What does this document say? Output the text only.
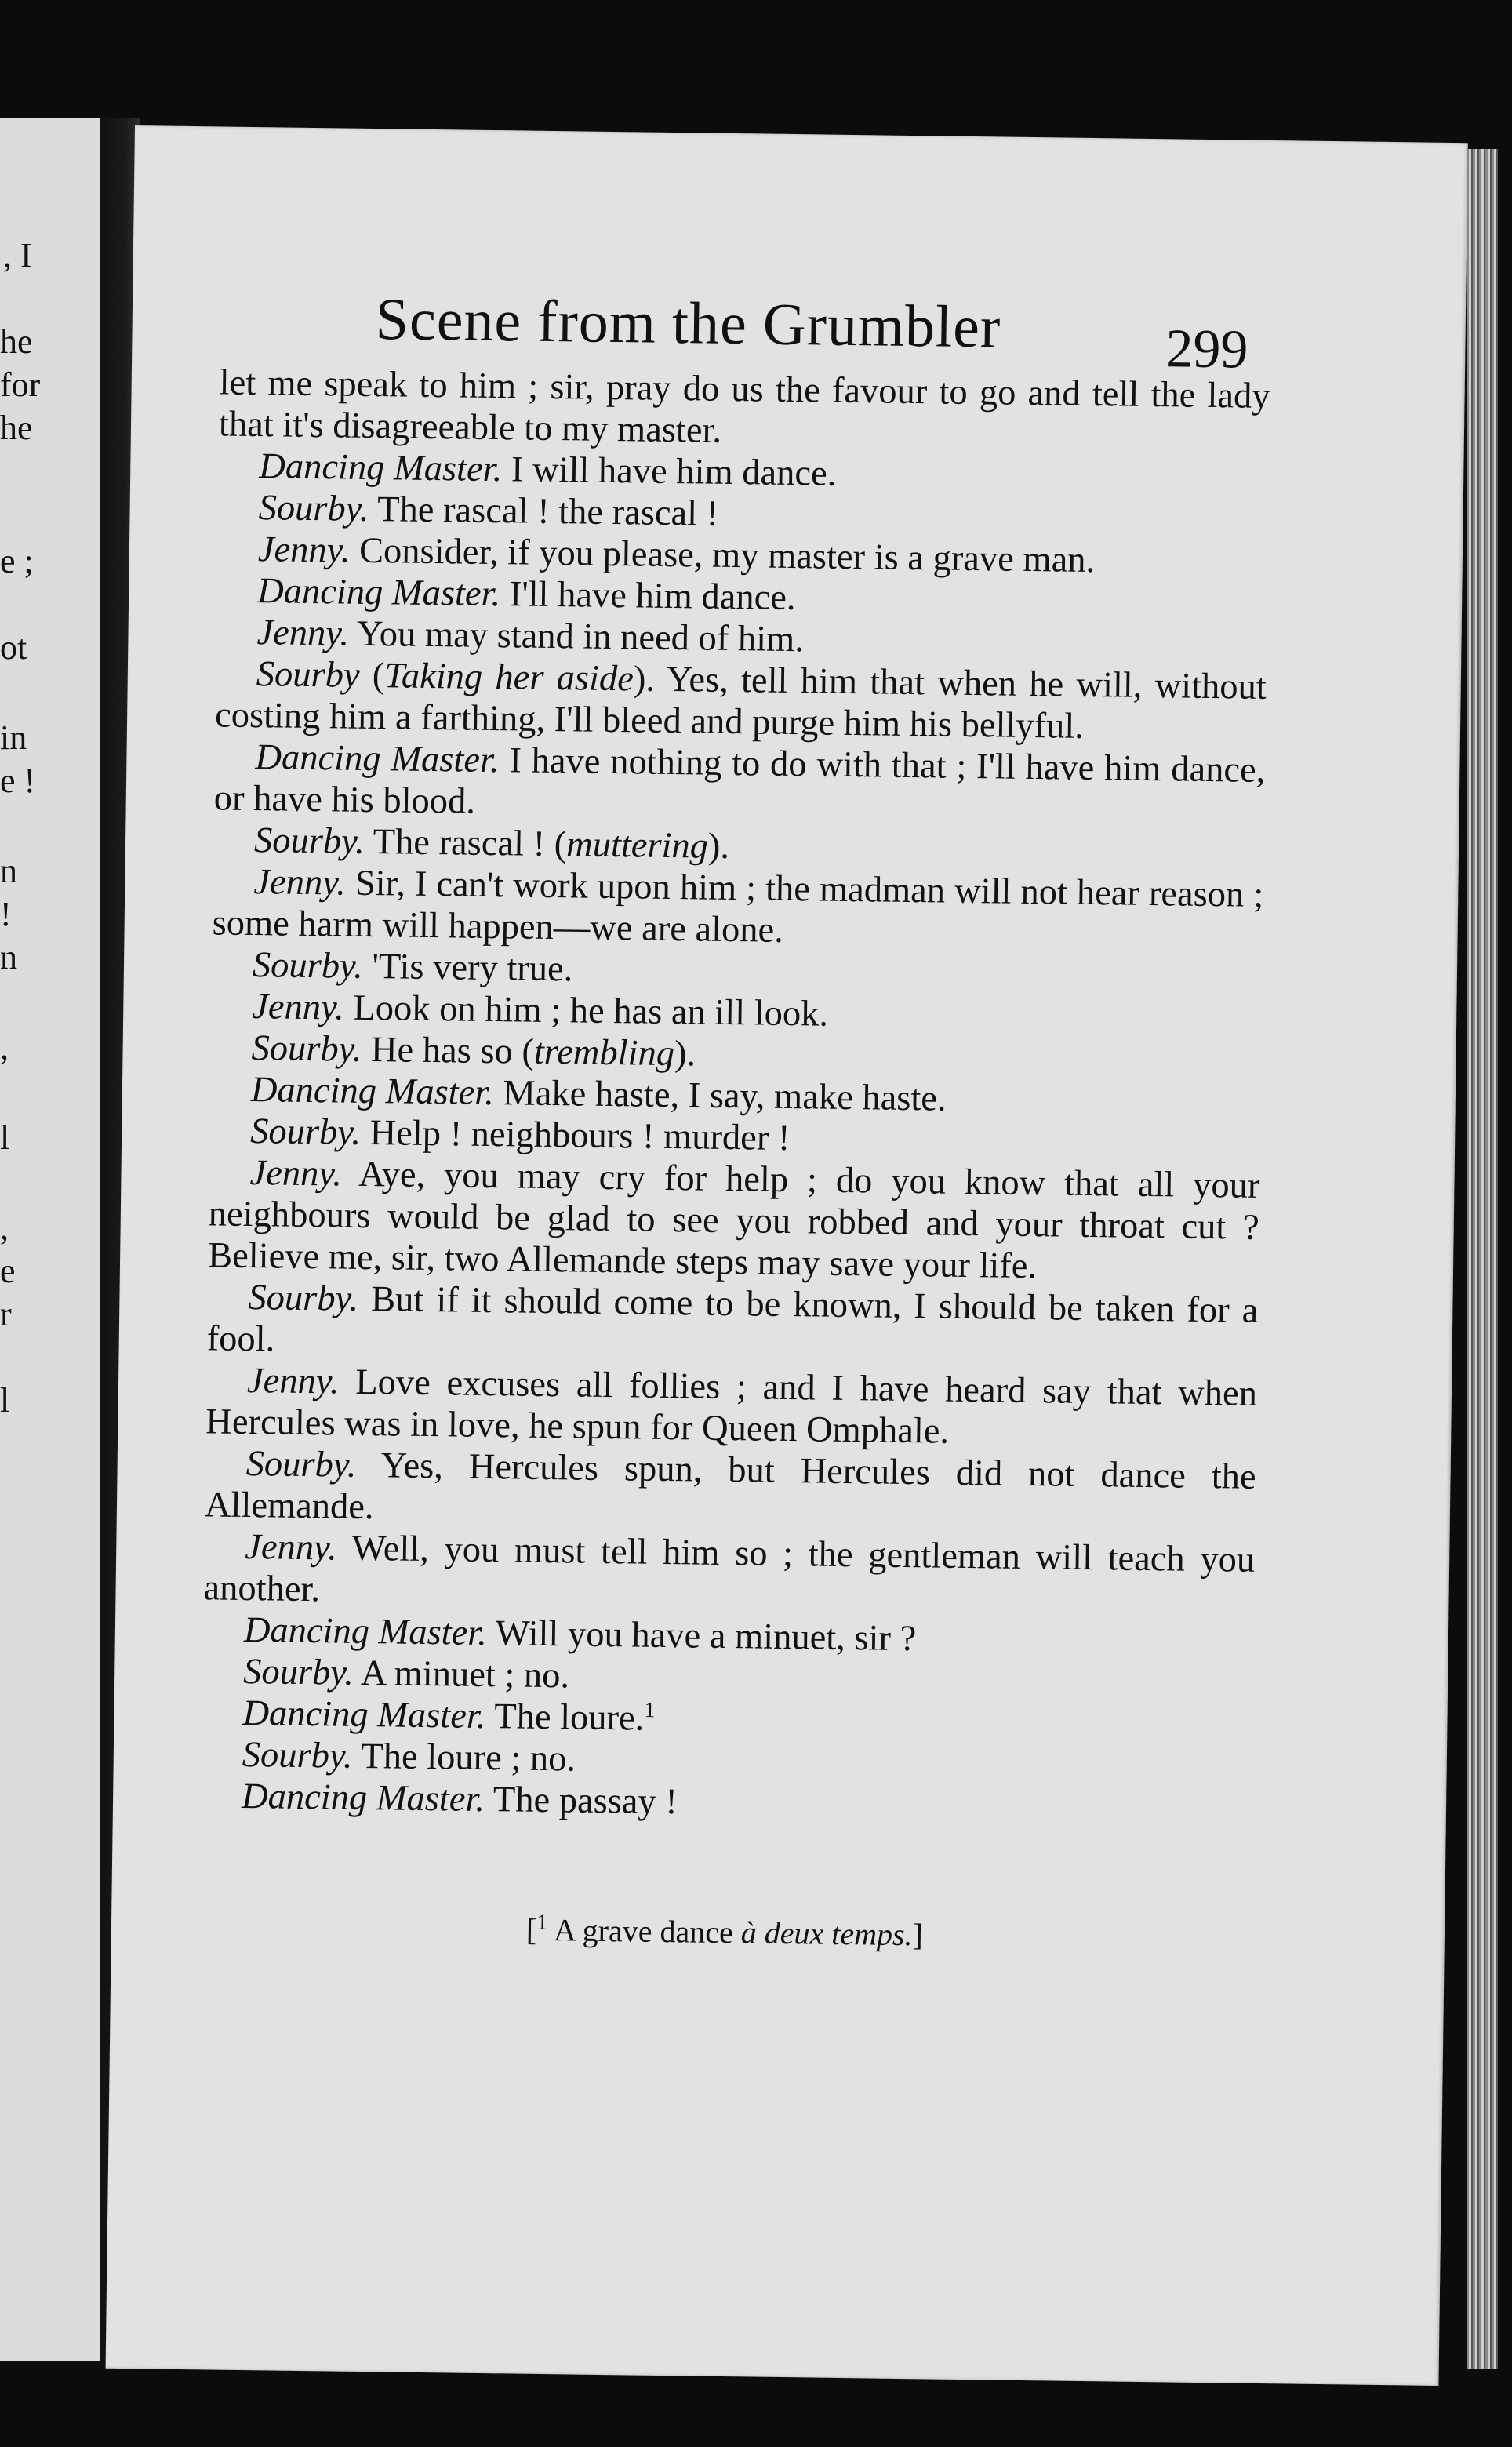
, I
he
for
he
e ;
ot
in
e !
n
!
n
,
l
,
e
r
l
Scene from the Grumbler	299

let me speak to him ; sir, pray do us the favour to go and tell the lady that it's disagreeable to my master.

Dancing Master. I will have him dance.

Sourby. The rascal ! the rascal !

Jenny. Consider, if you please, my master is a grave man.

Dancing Master. I'll have him dance.

Jenny. You may stand in need of him.

Sourby (Taking her aside). Yes, tell him that when he will, without costing him a farthing, I'll bleed and purge him his bellyful.

Dancing Master. I have nothing to do with that ; I'll have him dance, or have his blood.

Sourby. The rascal ! (muttering).

Jenny. Sir, I can't work upon him ; the madman will not hear reason ; some harm will happen—we are alone.

Sourby. 'Tis very true.

Jenny. Look on him ; he has an ill look.

Sourby. He has so (trembling).

Dancing Master. Make haste, I say, make haste.

Sourby. Help ! neighbours ! murder !

Jenny. Aye, you may cry for help ; do you know that all your neighbours would be glad to see you robbed and your throat cut ? Believe me, sir, two Allemande steps may save your life.

Sourby. But if it should come to be known, I should be taken for a fool.

Jenny. Love excuses all follies ; and I have heard say that when Hercules was in love, he spun for Queen Omphale.

Sourby. Yes, Hercules spun, but Hercules did not dance the Allemande.

Jenny. Well, you must tell him so ; the gentleman will teach you another.

Dancing Master. Will you have a minuet, sir ?

Sourby. A minuet ; no.

Dancing Master. The loure.$^1$

Sourby. The loure ; no.

Dancing Master. The passay !

[$^1$ A grave dance à deux temps.]
